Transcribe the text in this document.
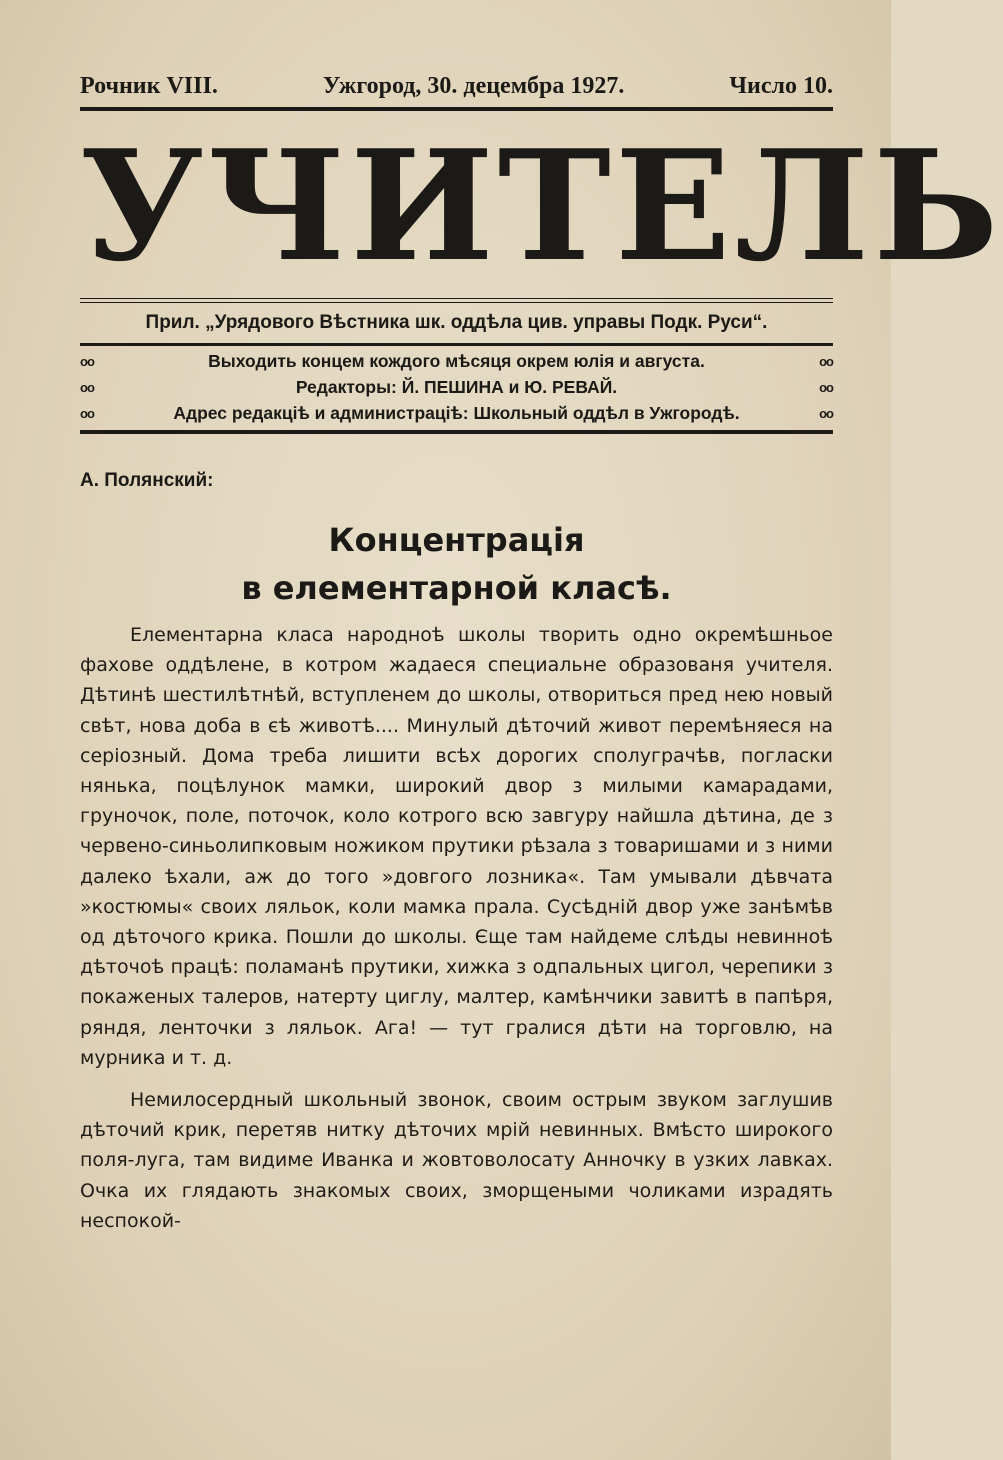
Рочник VIII.	Ужгород, 30. децембра 1927.	Число 10.
УЧИТЕЛЬ
Прил. „Урядового Вѣстника шк. оддѣла цив. управы Подк. Руси“.
oo	Выходить концем кождого мѣсяця окрем юлія и августа.	oo
oo	Редакторы: Й. ПЕШИНА и Ю. РЕВАЙ.	oo
oo	Адрес редакціѣ и администраціѣ: Школьный оддѣл в Ужгородѣ.	oo
А. Полянский:
Концентрація
в елементарной класѣ.

Елементарна класа народноѣ школы творить одно окремѣшньое фахове оддѣлене, в котром жадаеся специальне образованя учителя. Дѣтинѣ шестилѣтнѣй, вступленем до школы, отвориться пред нею новый свѣт, нова доба в єѣ животѣ.... Минулый дѣточий живот перемѣняеся на сеpiозный. Дома треба лишити всѣх дорогих сполуграчѣв, погласки нянька, поцѣлунок мамки, широкий двор з милыми камарадами, груночок, поле, поточок, коло котрого всю завгуру найшла дѣтина, де з червено-синьолипковым ножиком прутики рѣзала з товаришами и з ними далеко ѣхали, аж до того »довгого лозника«. Там умывали дѣвчата »костюмы« своих ляльок, коли мамка прала. Сусѣднiй двор уже занѣмѣв од дѣточого крика. Пошли до школы. Єще там найдеме слѣды невинноѣ дѣточоѣ працѣ: поламанѣ прутики, хижка з одпальных цигол, черепики з покаженых талеров, натерту циглу, малтер, камѣнчики завитѣ в папѣря, ряндя, ленточки з ляльок. Ага! — тут гралися дѣти на торговлю, на мурника и т. д.

Немилосердный школьный звонок, своим острым звуком заглушив дѣточий крик, перетяв нитку дѣточих мрiй невинных. Вмѣсто широкого поля-луга, там видиме Иванка и жовтоволосату Анночку в узких лавках. Очка их глядають знакомых своих, зморщеными чоликами израдять неспокой-
